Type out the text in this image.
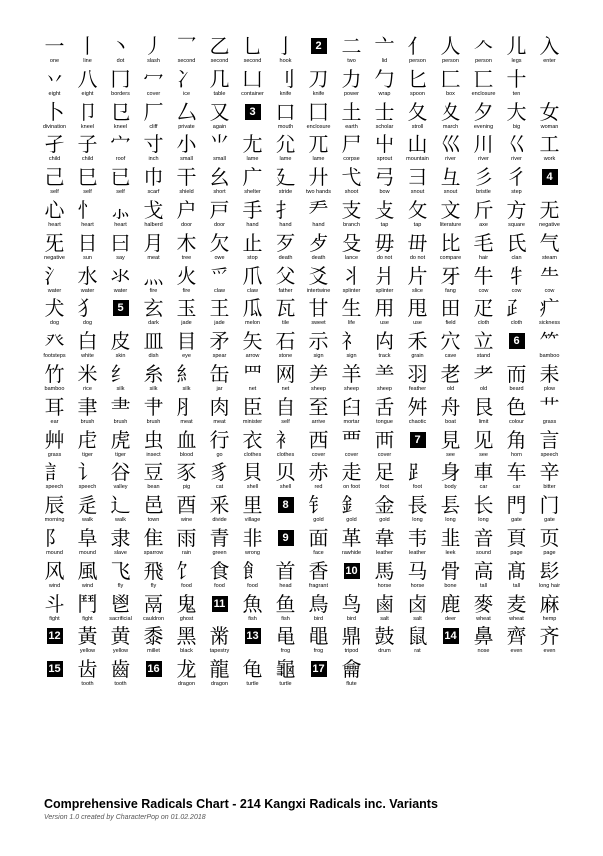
一
one
丨
line
丶
dot
丿
slash
乛
second
乙
second
乚
second
亅
hook
2 二
two
亠
lid
亻
person
人
person
𠆢
person
儿
legs
入
enter
丷
eight
八
eight
冂
borders
冖
cover
冫
ice
几
table
凵
container
刂
knife
刀
knife
力
power
勹
wrap
匕
spoon
匚
box
匸
enclosure
十
ten
卜
divination
卩
kneel
㔾
kneel
厂
cliff
厶
private
又
again
3 口
mouth
囗
enclosure
土
earth
士
scholar
夂
stroll
夊
march
夕
evening
大
big
女
woman
孑
child
子
child
宀
roof
寸
inch
小
small
⺌
small
尢
lame
尣
lame
兀
lame
尸
corpse
屮
sprout
山
mountain
巛
river
川
river
巜
river
工
work
己
self
巳
self
已
self
巾
scarf
干
shield
幺
short
广
shelter
廴
stride
廾
two hands
弋
shoot
弓
bow
彐
snout
彑
snout
彡
bristle
彳
step
4
心
heart
忄
heart
⺗
heart
戈
halberd
户
door
戸
door
手
hand
扌
hand
龵
hand
支
branch
攴
tap
攵
tap
文
literature
斤
axe
方
square
无
negative
旡
negative
日
sun
曰
say
月
meat
木
tree
欠
owe
止
stop
歹
death
歺
death
殳
lance
毋
do not
毌
do not
比
compare
毛
hair
氏
clan
气
steam
氵
water
水
water
氺
water
灬
fire
火
fire
爫
claw
爪
claw
父
father
爻
intertwine
丬
splinter
爿
splinter
片
slice
牙
fang
牛
cow
牜
cow
⺧
cow
犬
dog
犭
dog
5 玄
dark
玉
jade
王
jade
瓜
melon
瓦
tile
甘
sweet
生
life
用
use
甩
use
田
field
疋
cloth
⺪
cloth
疒
sickness
癶
footsteps
白
white
皮
skin
皿
dish
目
eye
矛
spear
矢
arrow
石
stone
示
sign
礻
sign
禸
track
禾
grain
穴
cave
立
stand
6 ⺮
bamboo
竹
bamboo
米
rice
纟
silk
糸
silk
糹
silk
缶
jar
罒
net
网
net
⺶
sheep
羊
sheep
⺷
sheep
羽
feather
老
old
耂
old
而
beard
耒
plow
耳
ear
聿
brush
⺻
brush
肀
brush
⺼
meat
肉
meat
臣
minister
自
self
至
arrive
臼
mortar
舌
tongue
舛
chaotic
舟
boat
艮
limit
色
colour
艹
grass
艸
grass
虍
tiger
虎
tiger
虫
insect
血
blood
行
go
衣
clothes
衤
clothes
西
cover
覀
cover
襾
cover
7 見
see
见
see
角
horn
言
speech
訁
speech
讠
speech
谷
valley
豆
bean
豕
pig
豸
cat
貝
shell
贝
shell
赤
red
走
on foot
足
foot
⻊
foot
身
body
車
car
车
car
辛
bitter
辰
morning
辵
walk
辶
walk
邑
town
酉
wine
釆
divide
里
village
8 钅
gold
釒
gold
金
gold
長
long
镸
long
长
long
門
gate
门
gate
阝
mound
阜
mound
隶
slave
隹
sparrow
雨
rain
青
green
非
wrong
9 面
face
革
rawhide
韋
leather
韦
leather
韭
leek
音
sound
頁
page
页
page
风
wind
風
wind
飞
fly
飛
fly
饣
food
食
food
飠
food
首
head
香
fragrant
10 馬
horse
马
horse
骨
bone
高
tall
髙
tall
髟
long hair
斗
fight
鬥
fight
鬯
sacrificial
鬲
cauldron
鬼
ghost
11 魚
fish
鱼
fish
鳥
bird
鸟
bird
鹵
salt
卤
salt
鹿
deer
麥
wheat
麦
wheat
麻
hemp
12 黃
yellow
黄
yellow
黍
millet
黑
black
黹
tapestry
13 黾
frog
黽
frog
鼎
tripod
鼓
drum
鼠
rat
14 鼻
nose
齊
even
齐
even
15 齿
tooth
齒
tooth
16 龙
dragon
龍
dragon
龟
turtle
龜
turtle
17 龠
flute
Comprehensive Radicals Chart - 214 Kangxi Radicals inc. Variants
Version 1.0 created by CharacterPop on 01.02.2018
